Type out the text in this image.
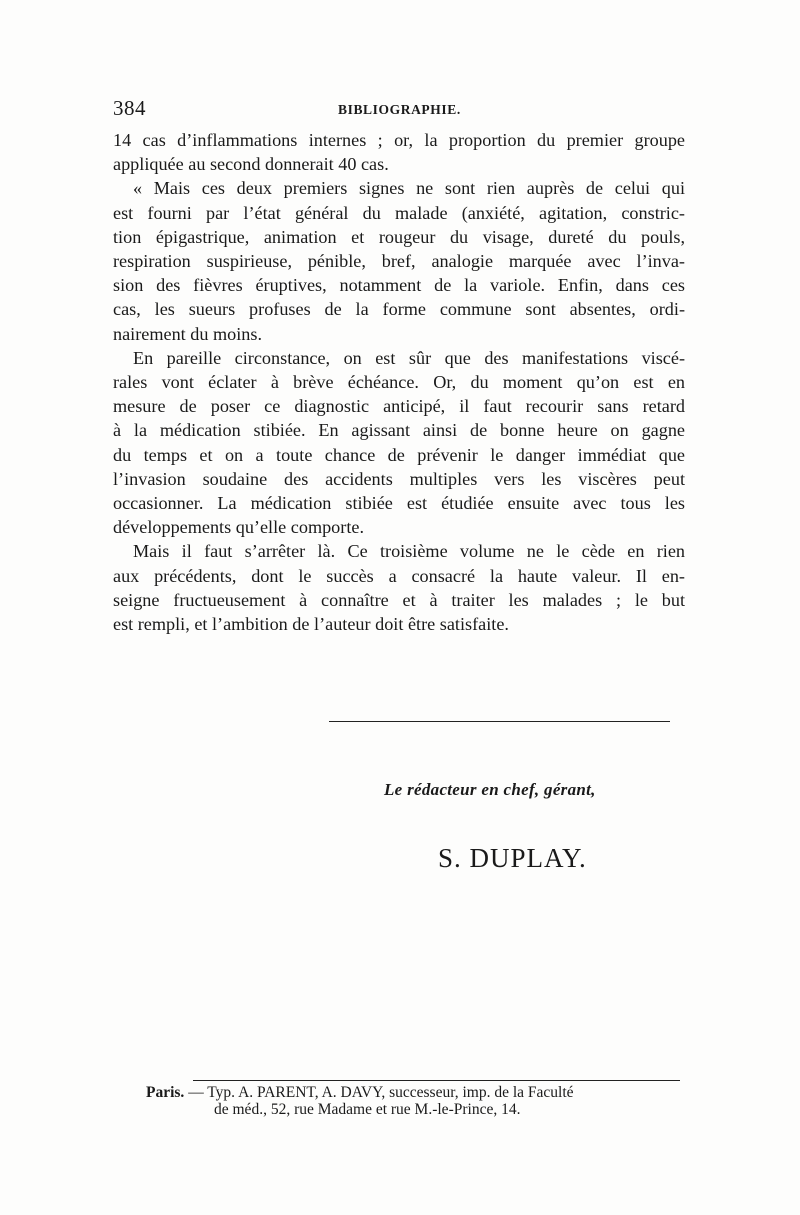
384	BIBLIOGRAPHIE.

14 cas d’inflammations internes ; or, la proportion du premier groupe

appliquée au second donnerait 40 cas.

« Mais ces deux premiers signes ne sont rien auprès de celui qui

est fourni par l’état général du malade (anxiété, agitation, constric-

tion épigastrique, animation et rougeur du visage, dureté du pouls,

respiration suspirieuse, pénible, bref, analogie marquée avec l’inva-

sion des fièvres éruptives, notamment de la variole. Enfin, dans ces

cas, les sueurs profuses de la forme commune sont absentes, ordi-

nairement du moins.

En pareille circonstance, on est sûr que des manifestations viscé-

rales vont éclater à brève échéance. Or, du moment qu’on est en

mesure de poser ce diagnostic anticipé, il faut recourir sans retard

à la médication stibiée. En agissant ainsi de bonne heure on gagne

du temps et on a toute chance de prévenir le danger immédiat que

l’invasion soudaine des accidents multiples vers les viscères peut

occasionner. La médication stibiée est étudiée ensuite avec tous les

développements qu’elle comporte.

Mais il faut s’arrêter là. Ce troisième volume ne le cède en rien

aux précédents, dont le succès a consacré la haute valeur. Il en-

seigne fructueusement à connaître et à traiter les malades ; le but

est rempli, et l’ambition de l’auteur doit être satisfaite.

Le rédacteur en chef, gérant,
S. DUPLAY.
Paris. — Typ. A. PARENT, A. DAVY, successeur, imp. de la Faculté
de méd., 52, rue Madame et rue M.-le-Prince, 14.
